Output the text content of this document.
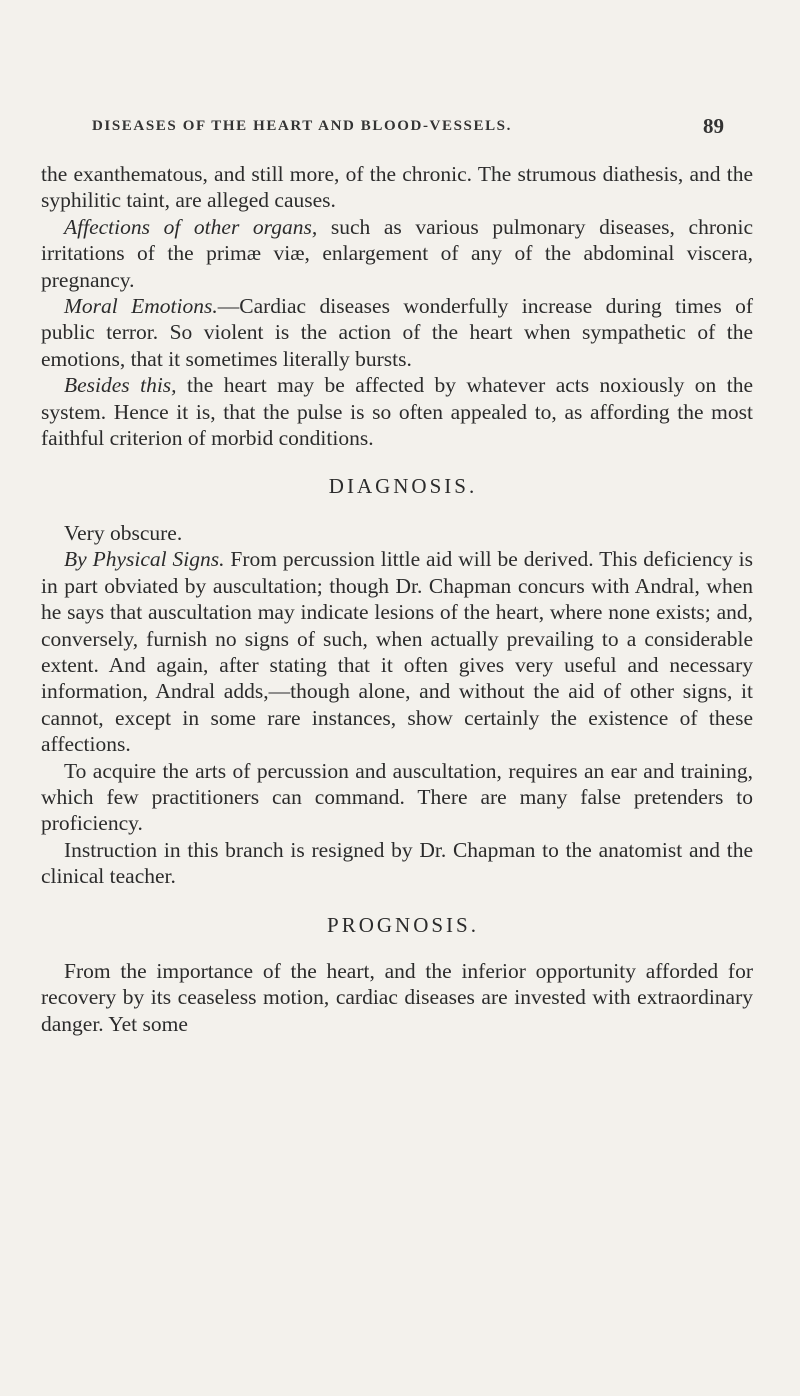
DISEASES OF THE HEART AND BLOOD-VESSELS.	89

the exanthematous, and still more, of the chronic. The strumous diathesis, and the syphilitic taint, are alleged causes.

Affections of other organs, such as various pulmonary diseases, chronic irritations of the primæ viæ, enlargement of any of the abdominal viscera, pregnancy.

Moral Emotions.—Cardiac diseases wonderfully increase during times of public terror. So violent is the action of the heart when sympathetic of the emotions, that it sometimes literally bursts.

Besides this, the heart may be affected by whatever acts noxiously on the system. Hence it is, that the pulse is so often appealed to, as affording the most faithful criterion of morbid conditions.

DIAGNOSIS.

Very obscure.

By Physical Signs. From percussion little aid will be derived. This deficiency is in part obviated by auscultation; though Dr. Chapman concurs with Andral, when he says that auscultation may indicate lesions of the heart, where none exists; and, conversely, furnish no signs of such, when actually prevailing to a considerable extent. And again, after stating that it often gives very useful and necessary information, Andral adds,—though alone, and without the aid of other signs, it cannot, except in some rare instances, show certainly the existence of these affections.

To acquire the arts of percussion and auscultation, requires an ear and training, which few practitioners can command. There are many false pretenders to proficiency.

Instruction in this branch is resigned by Dr. Chapman to the anatomist and the clinical teacher.

PROGNOSIS.

From the importance of the heart, and the inferior opportunity afforded for recovery by its ceaseless motion, cardiac diseases are invested with extraordinary danger. Yet some
